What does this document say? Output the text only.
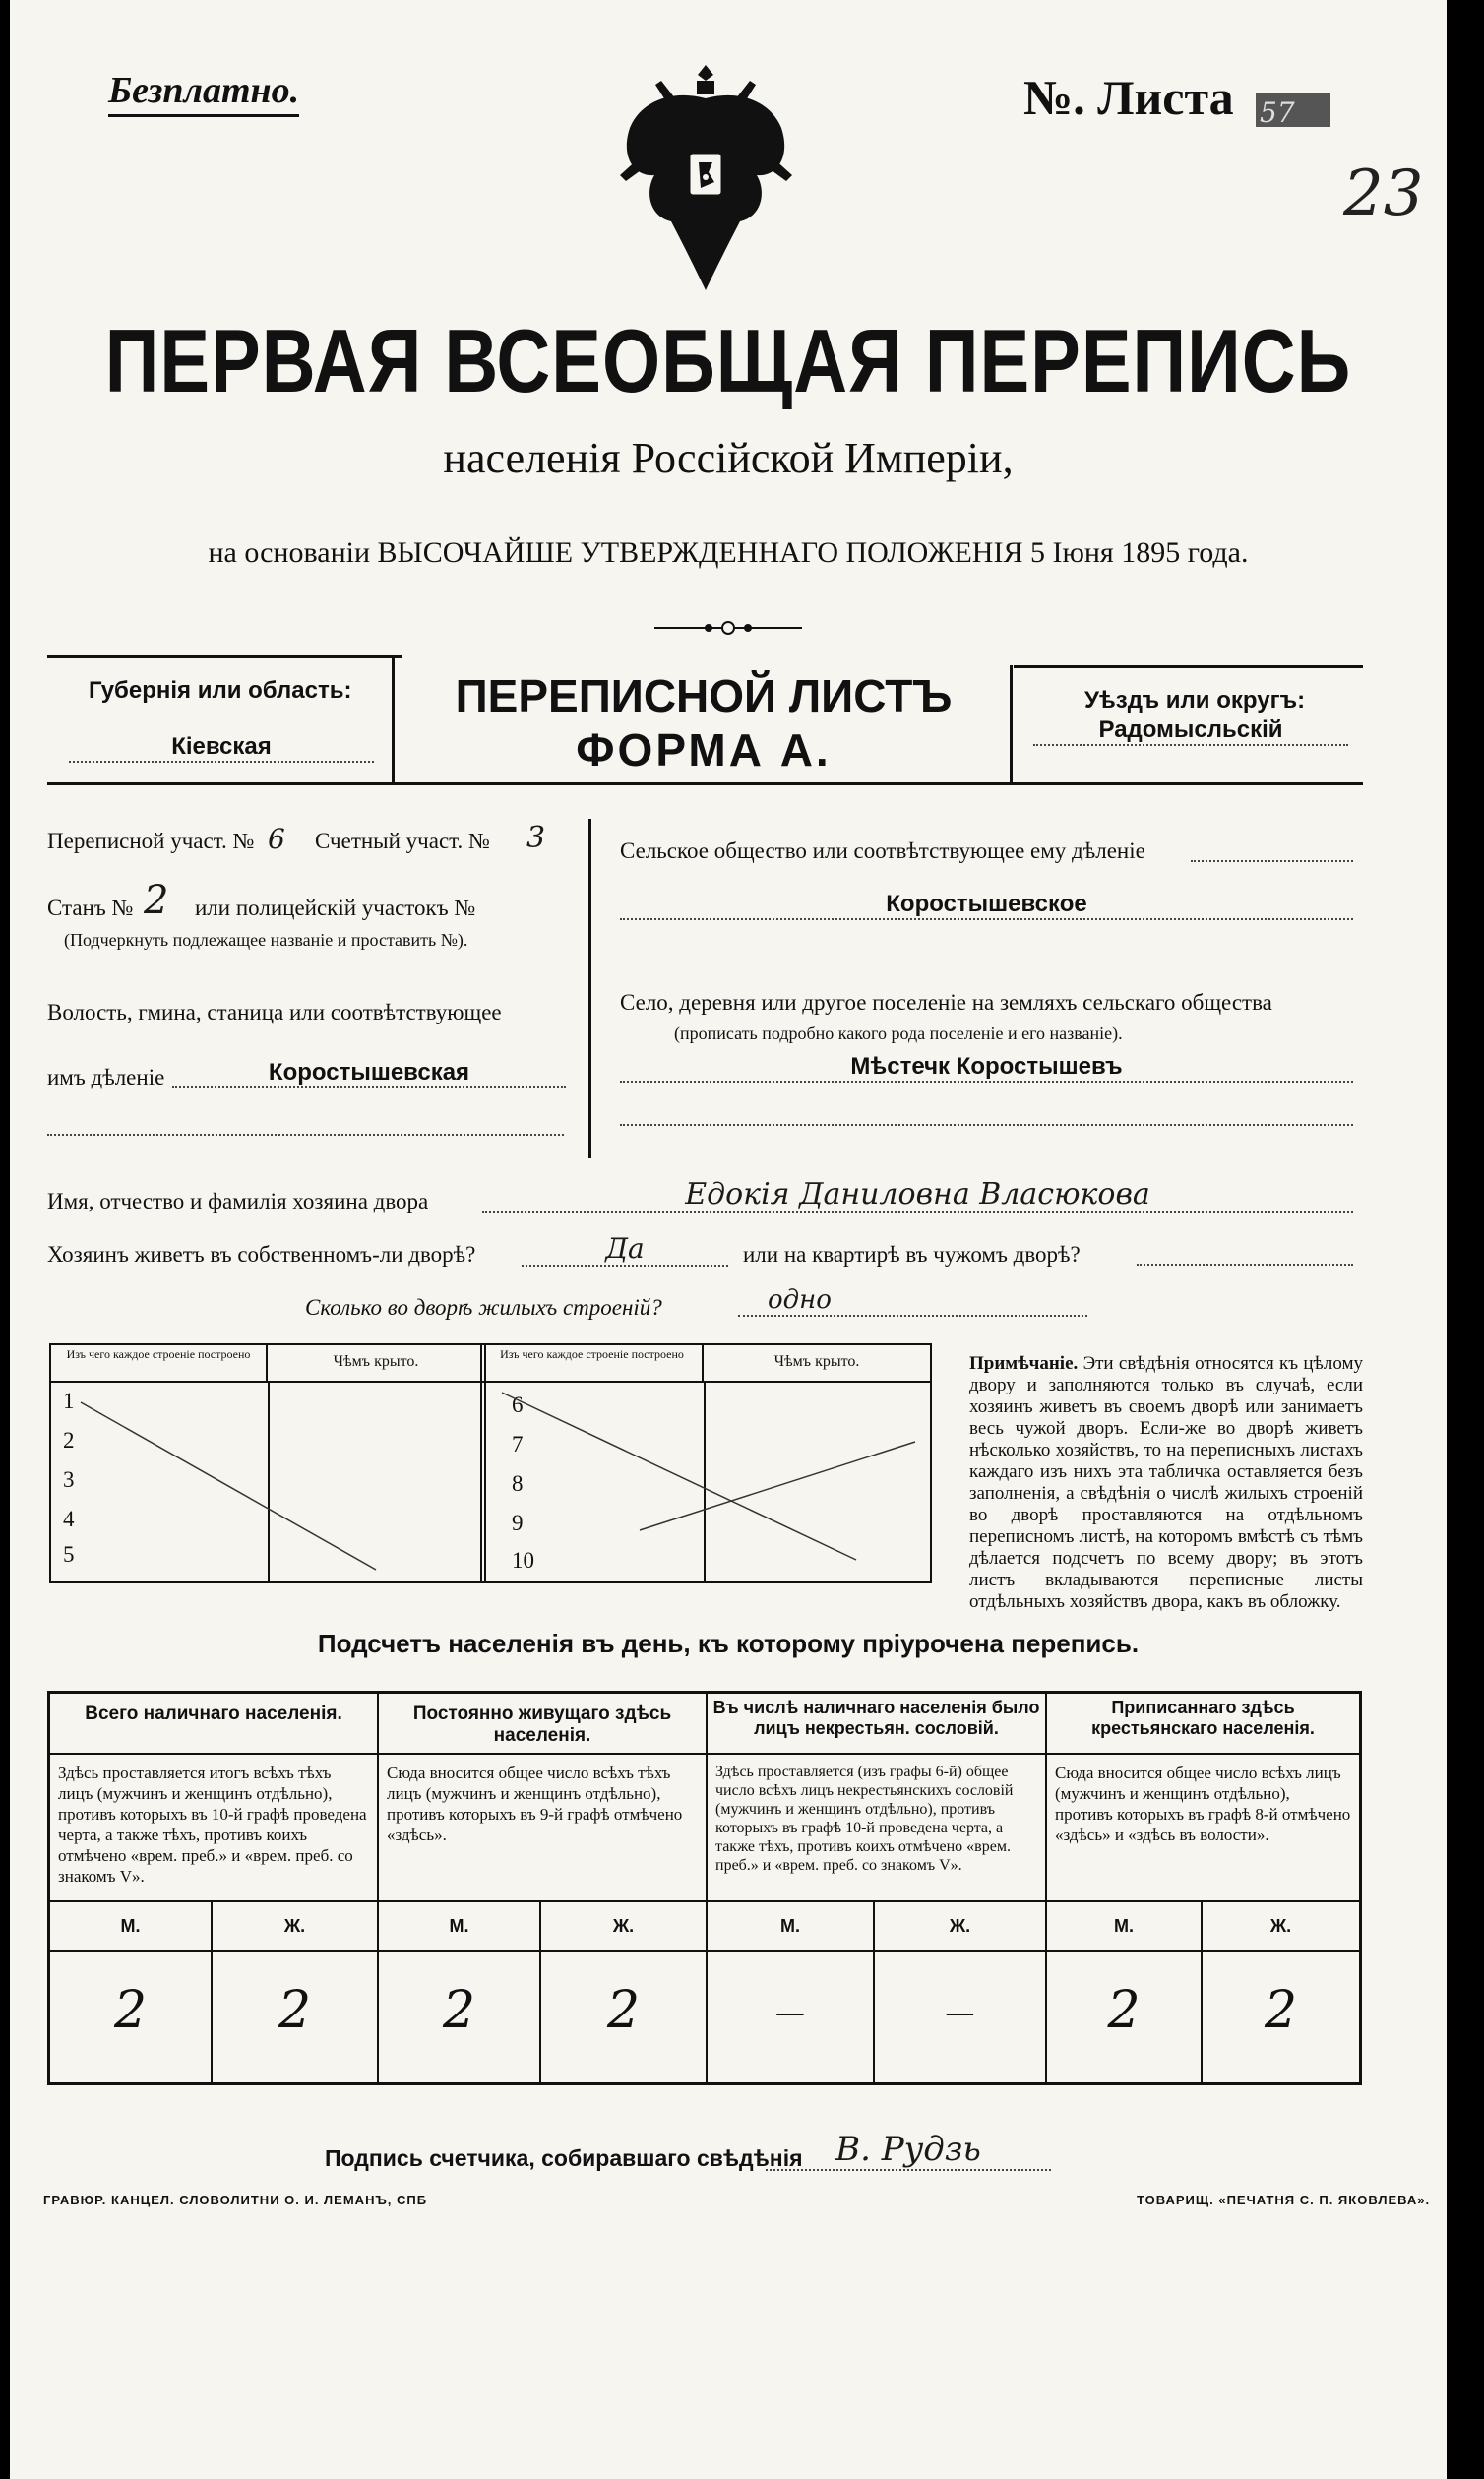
Безплатно.	№. Листа 57
23
ПЕРВАЯ ВСЕОБЩАЯ ПЕРЕПИСЬ
населенія Россійской Имперіи,
на основаніи ВЫСОЧАЙШЕ УТВЕРЖДЕННАГО ПОЛОЖЕНІЯ 5 Іюня 1895 года.
Губернія или область:
Кіевская
ПЕРЕПИСНОЙ ЛИСТЪ
ФОРМА А.
Уѣздъ или округъ:
Радомысльскій
Переписной участ. № 6 Счетный участ. № 3
Станъ № 2 или полицейскій участокъ №
(Подчеркнуть подлежащее названіе и проставить №).
Волость, гмина, станица или соотвѣтствующее
имъ дѣленіе	Коростышевская
Сельское общество или соотвѣтствующее ему дѣленіе
Коростышевское
Село, деревня или другое поселеніе на земляхъ сельскаго общества
(прописать подробно какого рода поселеніе и его названіе).
Мѣстечк Коростышевъ
Имя, отчество и фамилія хозяина двора	Едокія Даниловна Власюкова
Хозяинъ живетъ въ собственномъ-ли дворѣ?	Да	или на квартирѣ въ чужомъ дворѣ?
Сколько во дворѣ жилыхъ строеній?	одно
Изъ чего каждое строеніе построено	Чѣмъ крыто.
1
2
3
4
5
Изъ чего каждое строеніе построено	Чѣмъ крыто.
6
7
8
9
10
Примѣчаніе. Эти свѣдѣнія относятся къ цѣлому двору и заполняются только въ случаѣ, если хозяинъ живетъ въ своемъ дворѣ или занимаетъ весь чужой дворъ. Если-же во дворѣ живетъ нѣсколько хозяйствъ, то на переписныхъ листахъ каждаго изъ нихъ эта табличка оставляется безъ заполненія, а свѣдѣнія о числѣ жилыхъ строеній во дворѣ проставляются на отдѣльномъ переписномъ листѣ, на которомъ вмѣстѣ съ тѣмъ дѣлается подсчетъ по всему двору; въ этотъ листъ вкладываются переписные листы отдѣльныхъ хозяйствъ двора, какъ въ обложку.
Подсчетъ населенія въ день, къ которому пріурочена перепись.
Всего наличнаго населенія.
Здѣсь проставляется итогъ всѣхъ тѣхъ лицъ (мужчинъ и женщинъ отдѣльно), противъ которыхъ въ 10-й графѣ проведена черта, а также тѣхъ, противъ коихъ отмѣчено «врем. преб.» и «врем. преб. со знакомъ V».
М.	Ж.
2	2
Постоянно живущаго здѣсь населенія.
Сюда вносится общее число всѣхъ тѣхъ лицъ (мужчинъ и женщинъ отдѣльно), противъ которыхъ въ 9-й графѣ отмѣчено «здѣсь».
М.	Ж.
2	2
Въ числѣ наличнаго населенія было лицъ некрестьян. сословій.
Здѣсь проставляется (изъ графы 6-й) общее число всѣхъ лицъ некрестьянскихъ сословій (мужчинъ и женщинъ отдѣльно), противъ которыхъ въ графѣ 10-й проведена черта, а также тѣхъ, противъ коихъ отмѣчено «врем. преб.» и «врем. преб. со знакомъ V».
М.	Ж.
—	—
Приписаннаго здѣсь крестьянскаго населенія.
Сюда вносится общее число всѣхъ лицъ (мужчинъ и женщинъ отдѣльно), противъ которыхъ въ графѣ 8-й отмѣчено «здѣсь» и «здѣсь въ волости».
М.	Ж.
2	2
Подпись счетчика, собиравшаго свѣдѣнія В. Рудзь
ГРАВЮР. КАНЦЕЛ. СЛОВОЛИТНИ О. И. ЛЕМАНЪ, СПБ	ТОВАРИЩ. «ПЕЧАТНЯ С. П. ЯКОВЛЕВА».
